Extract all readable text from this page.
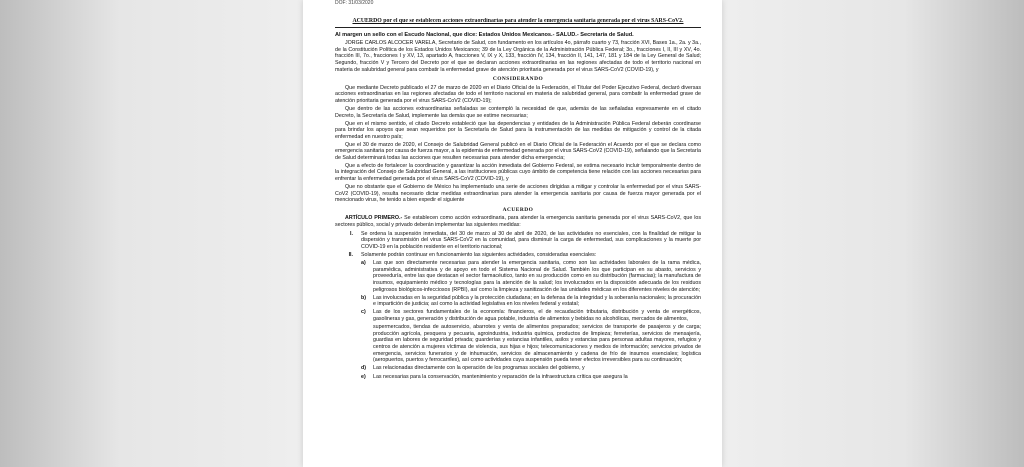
DOF: 31/03/2020
ACUERDO por el que se establecen acciones extraordinarias para atender la emergencia sanitaria generada por el virus SARS-CoV2.
Al margen un sello con el Escudo Nacional, que dice: Estados Unidos Mexicanos.- SALUD.- Secretaría de Salud.

JORGE CARLOS ALCOCER VARELA, Secretario de Salud, con fundamento en los artículos 4o, párrafo cuarto y 73, fracción XVI, Bases 1a., 2a. y 3a., de la Constitución Política de los Estados Unidos Mexicanos; 39 de la Ley Orgánica de la Administración Pública Federal; 3o., fracciones I, II, III y XV, 4o. fracción III, 7o., fracciones I y XV, 13, apartado A, fracciones V, IX y X, 133, fracción IV, 134, fracción II, 141, 147, 181 y 184 de la Ley General de Salud; Segundo, fracción V y Tercero del Decreto por el que se declaran acciones extraordinarias en las regiones afectadas de todo el territorio nacional en materia de salubridad general para combatir la enfermedad grave de atención prioritaria generada por el virus SARS-CoV2 (COVID-19), y

CONSIDERANDO

Que mediante Decreto publicado el 27 de marzo de 2020 en el Diario Oficial de la Federación, el Titular del Poder Ejecutivo Federal, declaró diversas acciones extraordinarias en las regiones afectadas de todo el territorio nacional en materia de salubridad general, para combatir la enfermedad grave de atención prioritaria generada por el virus SARS-CoV2 (COVID-19);

Que dentro de las acciones extraordinarias señaladas se contempló la necesidad de que, además de las señaladas expresamente en el citado Decreto, la Secretaría de Salud, implemente las demás que se estime necesarias;

Que en el mismo sentido, el citado Decreto estableció que las dependencias y entidades de la Administración Pública Federal deberán coordinarse para brindar los apoyos que sean requeridos por la Secretaría de Salud para la instrumentación de las medidas de mitigación y control de la citada enfermedad en nuestro país;

Que el 30 de marzo de 2020, el Consejo de Salubridad General publicó en el Diario Oficial de la Federación el Acuerdo por el que se declara como emergencia sanitaria por causa de fuerza mayor, a la epidemia de enfermedad generada por el virus SARS-CoV2 (COVID-19), señalando que la Secretaría de Salud determinará todas las acciones que resulten necesarias para atender dicha emergencia;

Que a efecto de fortalecer la coordinación y garantizar la acción inmediata del Gobierno Federal, se estima necesario incluir temporalmente dentro de la integración del Consejo de Salubridad General, a las instituciones públicas cuyo ámbito de competencia tiene relación con las acciones necesarias para enfrentar la enfermedad generada por el virus SARS-CoV2 (COVID-19), y

Que no obstante que el Gobierno de México ha implementado una serie de acciones dirigidas a mitigar y controlar la enfermedad por el virus SARS-CoV2 (COVID-19), resulta necesario dictar medidas extraordinarias para atender la emergencia sanitaria por causa de fuerza mayor generada por el mencionado virus, he tenido a bien expedir el siguiente

ACUERDO
ARTÍCULO PRIMERO.- Se establecen como acción extraordinaria, para atender la emergencia sanitaria generada por el virus SARS-CoV2, que los sectores público, social y privado deberán implementar las siguientes medidas:
I.	Se ordena la suspensión inmediata, del 30 de marzo al 30 de abril de 2020, de las actividades no esenciales, con la finalidad de mitigar la dispersión y transmisión del virus SARS-CoV2 en la comunidad, para disminuir la carga de enfermedad, sus complicaciones y la muerte por COVID-19 en la población residente en el territorio nacional;
II.	Solamente podrán continuar en funcionamiento las siguientes actividades, consideradas esenciales:
a)	Las que son directamente necesarias para atender la emergencia sanitaria, como son las actividades laborales de la rama médica, paramédica, administrativa y de apoyo en todo el Sistema Nacional de Salud. También los que participan en su abasto, servicios y proveeduría, entre las que destacan el sector farmacéutico, tanto en su producción como en su distribución (farmacias); la manufactura de insumos, equipamiento médico y tecnologías para la atención de la salud; los involucrados en la disposición adecuada de los residuos peligrosos biológicos-infecciosos (RPBI), así como la limpieza y sanitización de las unidades médicas en los diferentes niveles de atención;
b)	Las involucradas en la seguridad pública y la protección ciudadana; en la defensa de la integridad y la soberanía nacionales; la procuración e impartición de justicia; así como la actividad legislativa en los niveles federal y estatal;
c)	Las de los sectores fundamentales de la economía: financieros, el de recaudación tributaria, distribución y venta de energéticos, gasolineras y gas, generación y distribución de agua potable, industria de alimentos y bebidas no alcohólicas, mercados de alimentos,
supermercados, tiendas de autoservicio, abarrotes y venta de alimentos preparados; servicios de transporte de pasajeros y de carga; producción agrícola, pesquera y pecuaria, agroindustria, industria química, productos de limpieza; ferreterías, servicios de mensajería, guardias en labores de seguridad privada; guarderías y estancias infantiles, asilos y estancias para personas adultas mayores, refugios y centros de atención a mujeres víctimas de violencia, sus hijas e hijos; telecomunicaciones y medios de información; servicios privados de emergencia, servicios funerarios y de inhumación, servicios de almacenamiento y cadena de frío de insumos esenciales; logística (aeropuertos, puertos y ferrocarriles), así como actividades cuya suspensión pueda tener efectos irreversibles para su continuación;
d)	Las relacionadas directamente con la operación de los programas sociales del gobierno, y
e)	Las necesarias para la conservación, mantenimiento y reparación de la infraestructura crítica que asegura la
